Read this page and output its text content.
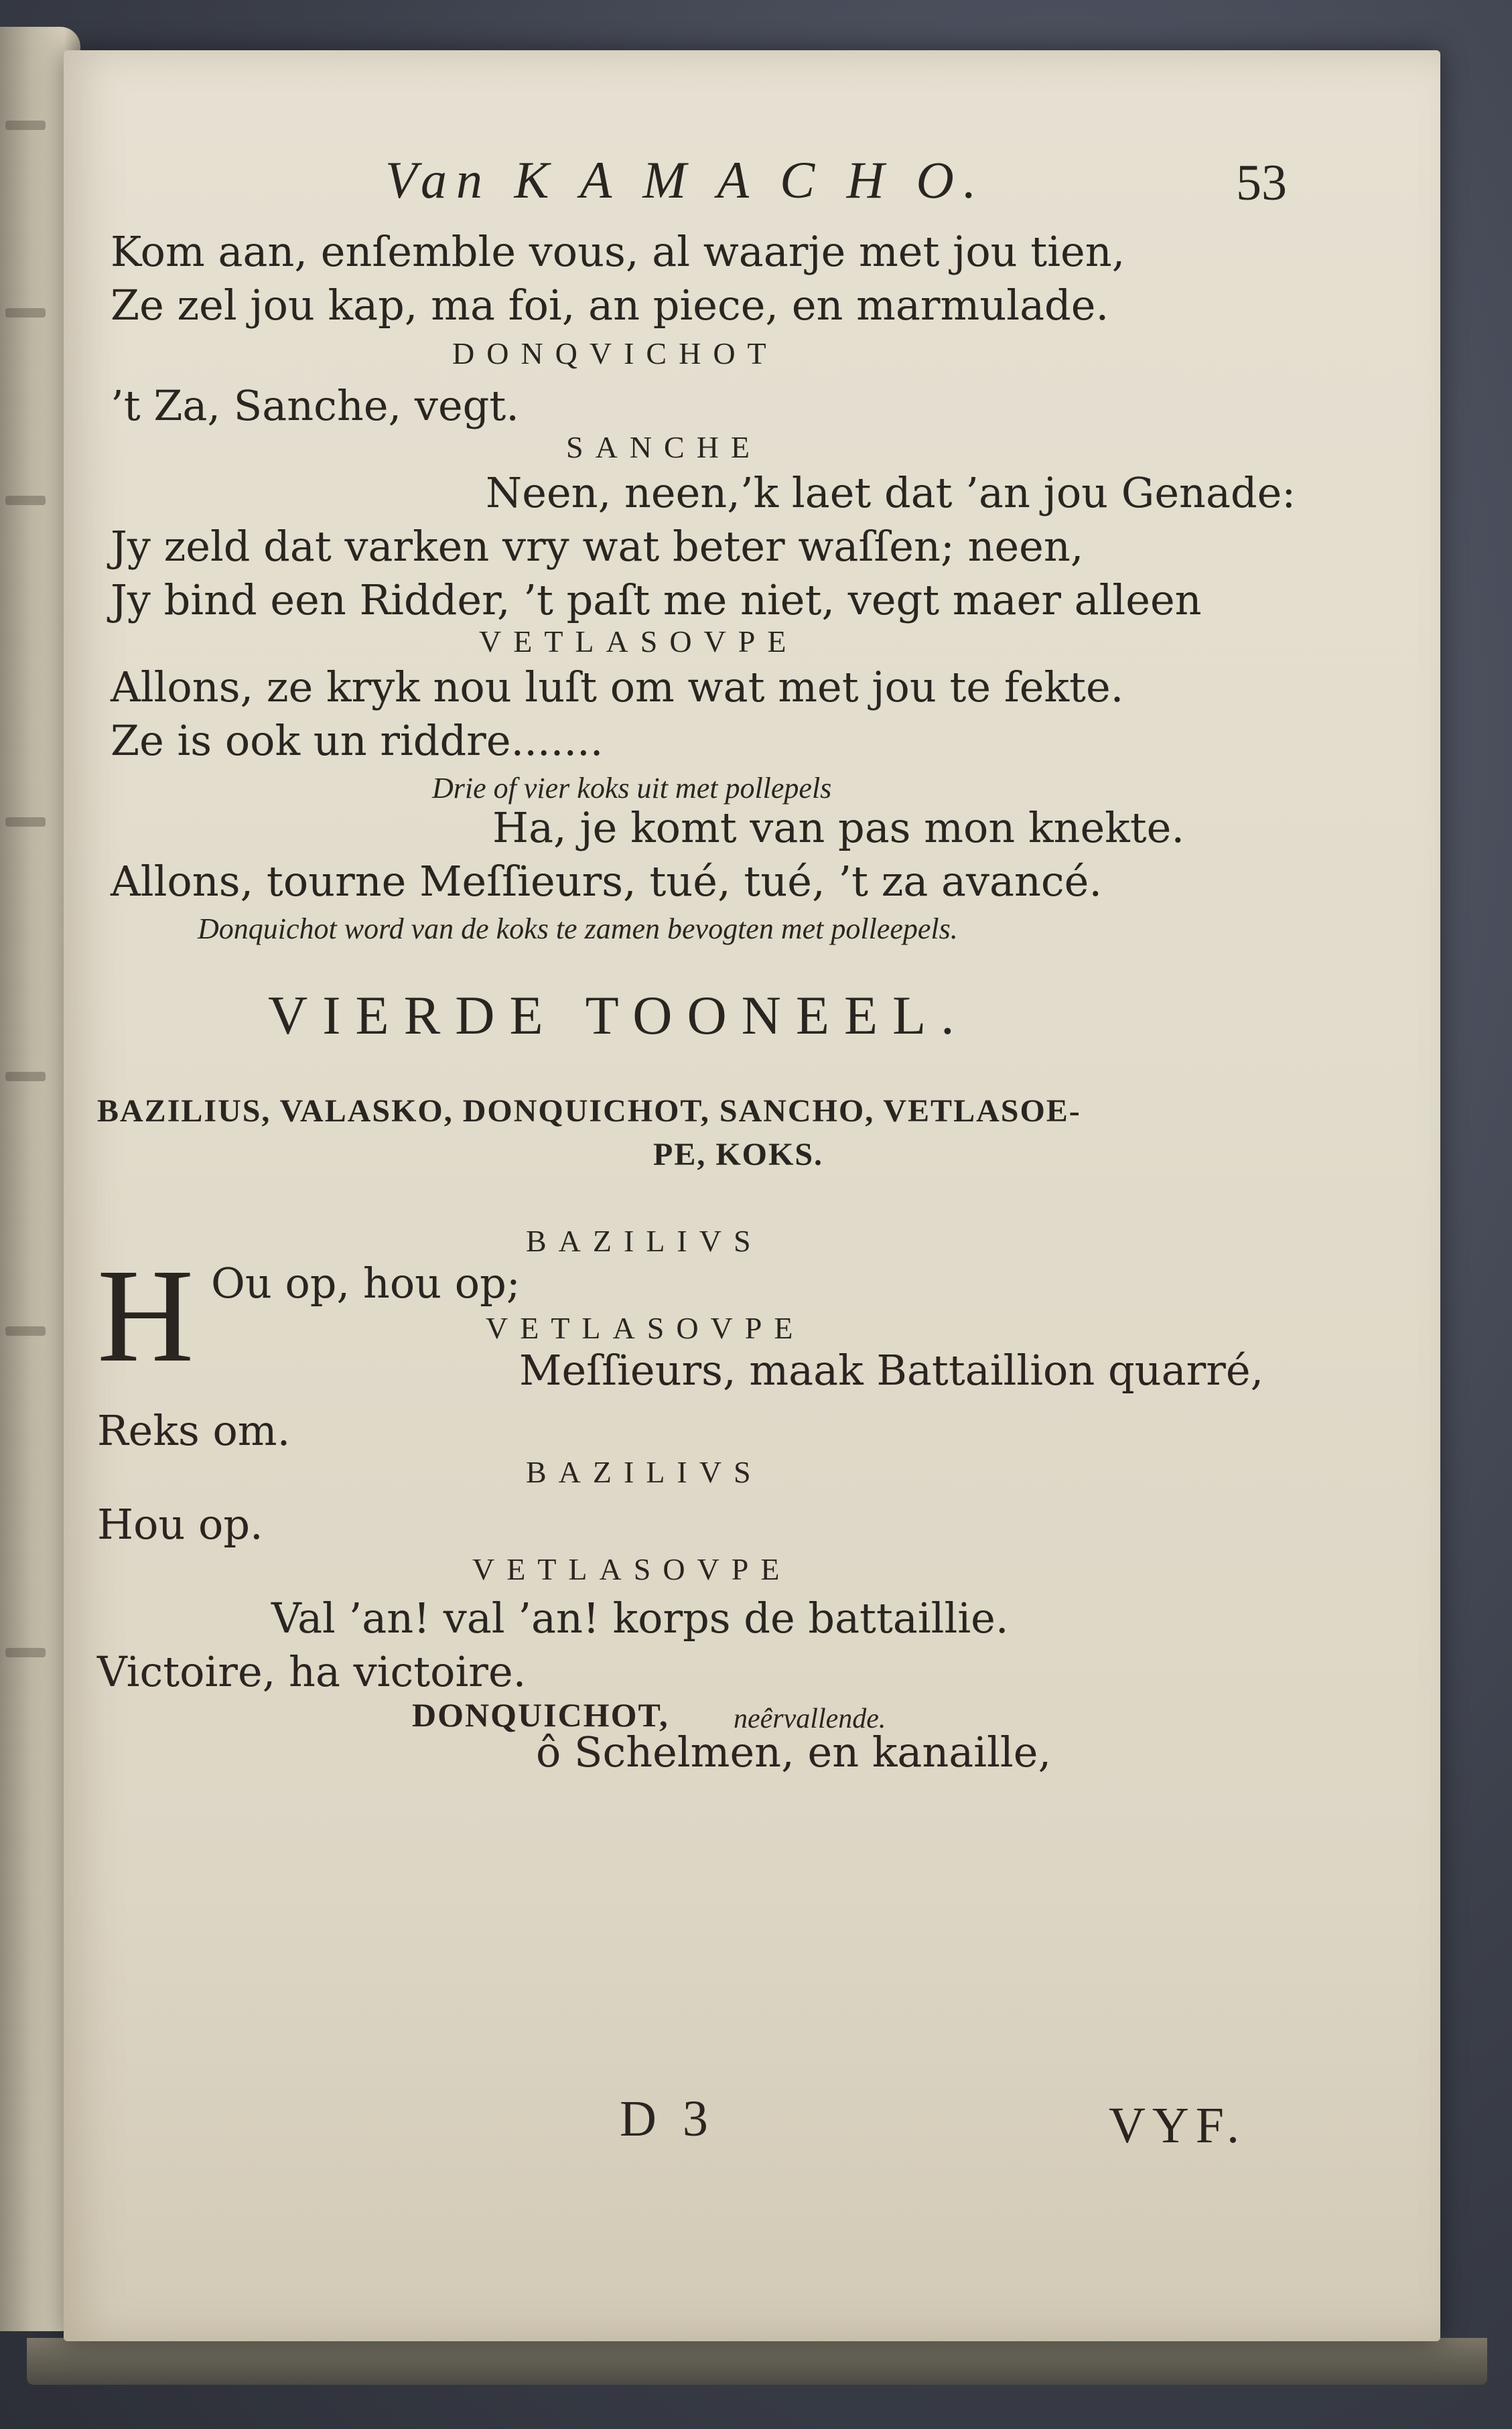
Van K A M A C H O.	53
Kom aan, enſemble vous, al waarje met jou tien,
Ze zel jou kap, ma foi, an piece, en marmulade.
DONQVICHOT
’t Za, Sanche, vegt.
SANCHE
Neen, neen,’k laet dat ’an jou Genade:
Jy zeld dat varken vry wat beter waſſen; neen,
Jy bind een Ridder, ’t paſt me niet, vegt maer alleen
VETLASOVPE
Allons, ze kryk nou luſt om wat met jou te fekte.
Ze is ook un riddre.......
Drie of vier koks uit met pollepels
Ha, je komt van pas mon knekte.
Allons, tourne Meſſieurs, tué, tué, ’t za avancé.
Donquichot word van de koks te zamen bevogten met polleepels.
VIERDE TOONEEL.
BAZILIUS, VALASKO, DONQUICHOT, SANCHO, VETLASOE-
PE, KOKS.
BAZILIVS
H Ou op, hou op;
VETLASOVPE
Meſſieurs, maak Battaillion quarré,
Reks om.
BAZILIVS
Hou op.
VETLASOVPE
Val ’an! val ’an! korps de battaillie.
Victoire, ha victoire.
DONQUICHOT, neêrvallende.
ô Schelmen, en kanaille,
D 3	VYF.
